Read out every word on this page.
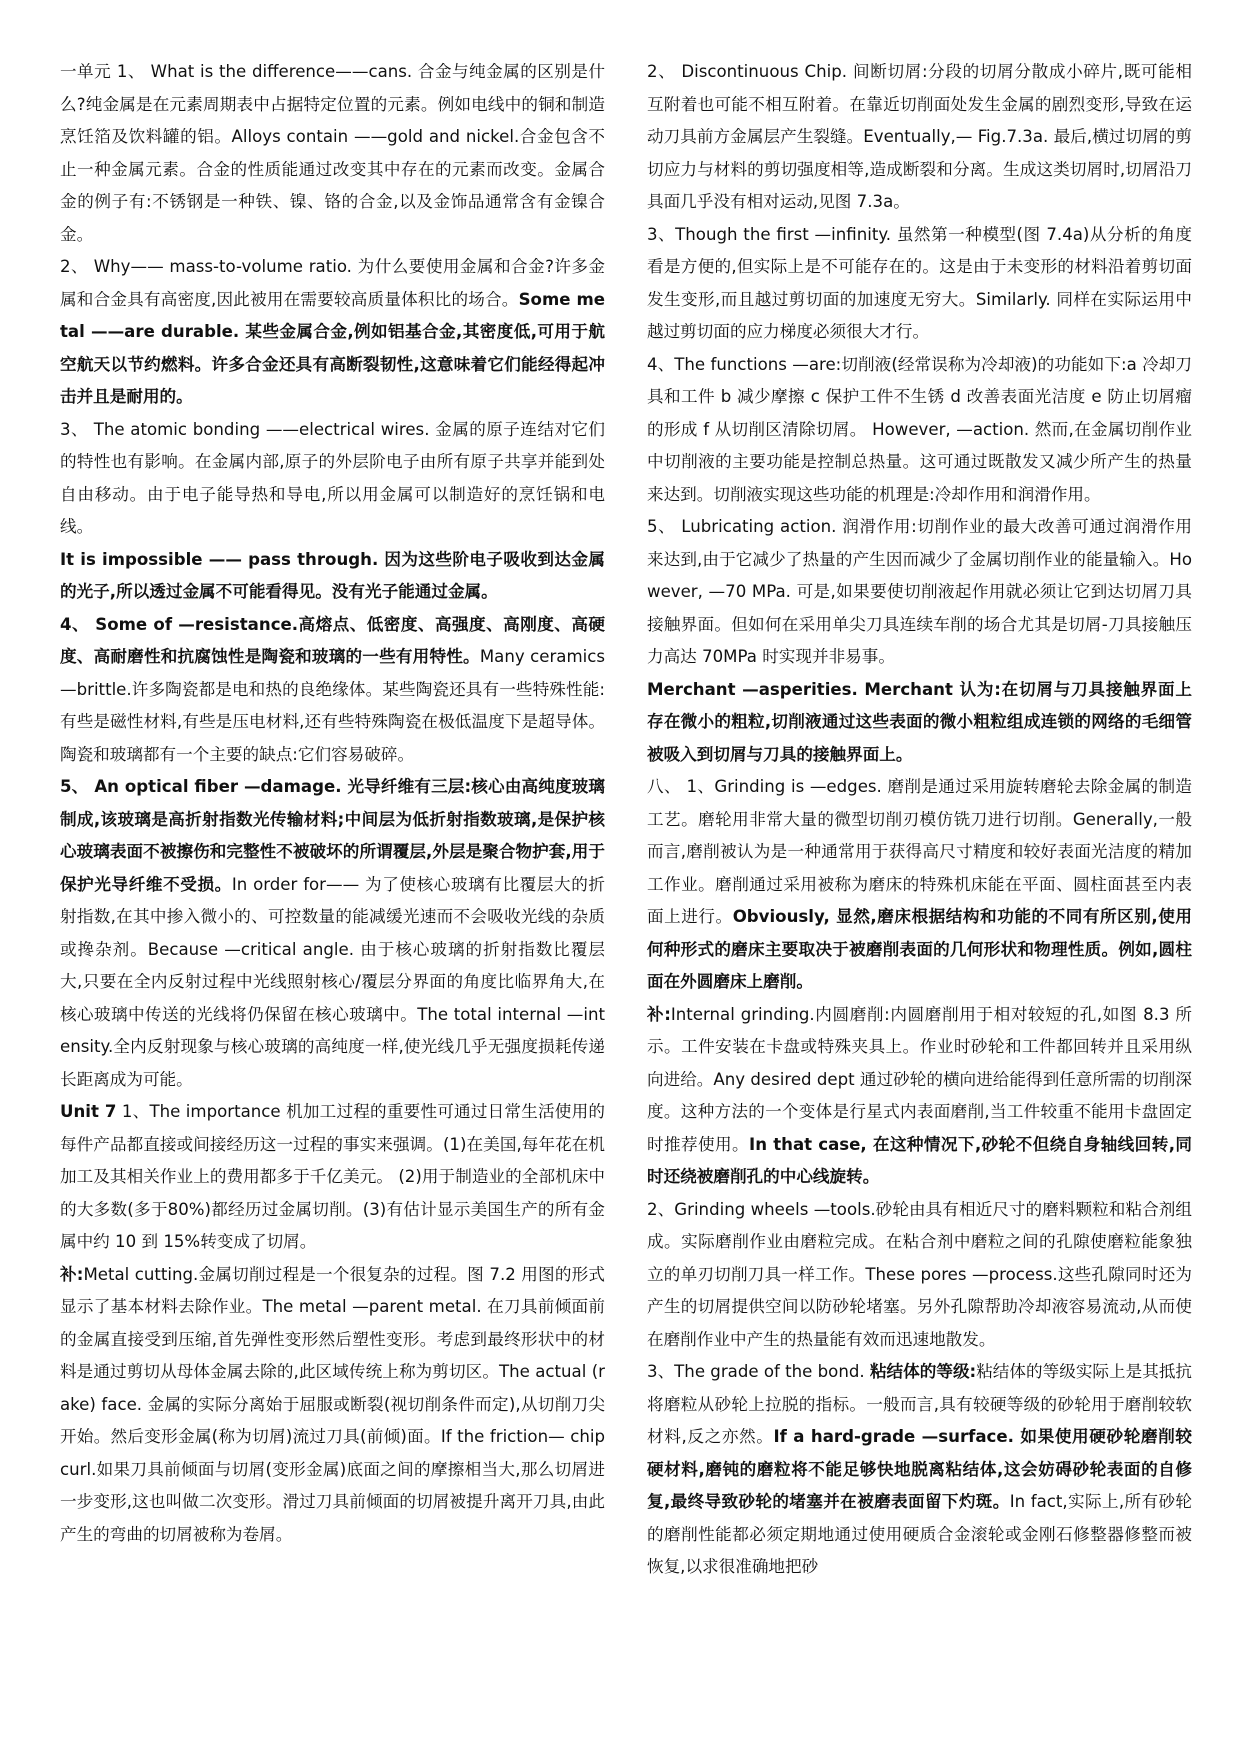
一单元 1、 What is the difference——cans. 合金与纯金属的区别是什么?纯金属是在元素周期表中占据特定位置的元素。例如电线中的铜和制造烹饪箔及饮料罐的铝。Alloys contain ——gold and nickel.合金包含不止一种金属元素。合金的性质能通过改变其中存在的元素而改变。金属合金的例子有:不锈钢是一种铁、镍、铬的合金,以及金饰品通常含有金镍合金。
2、 Why—— mass-to-volume ratio. 为什么要使用金属和合金?许多金属和合金具有高密度,因此被用在需要较高质量体积比的场合。Some metal ——are durable. 某些金属合金,例如铝基合金,其密度低,可用于航空航天以节约燃料。许多合金还具有高断裂韧性,这意味着它们能经得起冲击并且是耐用的。
3、 The atomic bonding ——electrical wires. 金属的原子连结对它们的特性也有影响。在金属内部,原子的外层阶电子由所有原子共享并能到处自由移动。由于电子能导热和导电,所以用金属可以制造好的烹饪锅和电线。
It is impossible —— pass through. 因为这些阶电子吸收到达金属的光子,所以透过金属不可能看得见。没有光子能通过金属。
4、 Some of —resistance.高熔点、低密度、高强度、高刚度、高硬度、高耐磨性和抗腐蚀性是陶瓷和玻璃的一些有用特性。Many ceramics —brittle.许多陶瓷都是电和热的良绝缘体。某些陶瓷还具有一些特殊性能:有些是磁性材料,有些是压电材料,还有些特殊陶瓷在极低温度下是超导体。陶瓷和玻璃都有一个主要的缺点:它们容易破碎。
5、 An optical fiber —damage. 光导纤维有三层:核心由高纯度玻璃制成,该玻璃是高折射指数光传输材料;中间层为低折射指数玻璃,是保护核心玻璃表面不被擦伤和完整性不被破坏的所谓覆层,外层是聚合物护套,用于保护光导纤维不受损。In order for—— 为了使核心玻璃有比覆层大的折射指数,在其中掺入微小的、可控数量的能减缓光速而不会吸收光线的杂质或搀杂剂。Because —critical angle. 由于核心玻璃的折射指数比覆层大,只要在全内反射过程中光线照射核心/覆层分界面的角度比临界角大,在核心玻璃中传送的光线将仍保留在核心玻璃中。The total internal —intensity.全内反射现象与核心玻璃的高纯度一样,使光线几乎无强度损耗传递长距离成为可能。
Unit 7 1、The importance 机加工过程的重要性可通过日常生活使用的每件产品都直接或间接经历这一过程的事实来强调。(1)在美国,每年花在机加工及其相关作业上的费用都多于千亿美元。 (2)用于制造业的全部机床中的大多数(多于80%)都经历过金属切削。(3)有估计显示美国生产的所有金属中约 10 到 15%转变成了切屑。
补:Metal cutting.金属切削过程是一个很复杂的过程。图 7.2 用图的形式显示了基本材料去除作业。The metal —parent metal. 在刀具前倾面前的金属直接受到压缩,首先弹性变形然后塑性变形。考虑到最终形状中的材料是通过剪切从母体金属去除的,此区域传统上称为剪切区。The actual (rake) face. 金属的实际分离始于屈服或断裂(视切削条件而定),从切削刀尖开始。然后变形金属(称为切屑)流过刀具(前倾)面。If the friction— chip curl.如果刀具前倾面与切屑(变形金属)底面之间的摩擦相当大,那么切屑进一步变形,这也叫做二次变形。滑过刀具前倾面的切屑被提升离开刀具,由此产生的弯曲的切屑被称为卷屑。
2、 Discontinuous Chip. 间断切屑:分段的切屑分散成小碎片,既可能相互附着也可能不相互附着。在靠近切削面处发生金属的剧烈变形,导致在运动刀具前方金属层产生裂缝。Eventually,— Fig.7.3a. 最后,横过切屑的剪切应力与材料的剪切强度相等,造成断裂和分离。生成这类切屑时,切屑沿刀具面几乎没有相对运动,见图 7.3a。
3、Though the first —infinity. 虽然第一种模型(图 7.4a)从分析的角度看是方便的,但实际上是不可能存在的。这是由于未变形的材料沿着剪切面发生变形,而且越过剪切面的加速度无穷大。Similarly. 同样在实际运用中越过剪切面的应力梯度必须很大才行。
4、The functions —are:切削液(经常误称为冷却液)的功能如下:a 冷却刀具和工件 b 减少摩擦 c 保护工件不生锈 d 改善表面光洁度 e 防止切屑瘤的形成 f 从切削区清除切屑。 However, —action. 然而,在金属切削作业中切削液的主要功能是控制总热量。这可通过既散发又减少所产生的热量来达到。切削液实现这些功能的机理是:冷却作用和润滑作用。
5、 Lubricating action. 润滑作用:切削作业的最大改善可通过润滑作用来达到,由于它减少了热量的产生因而减少了金属切削作业的能量输入。However, —70 MPa. 可是,如果要使切削液起作用就必须让它到达切屑刀具接触界面。但如何在采用单尖刀具连续车削的场合尤其是切屑-刀具接触压力高达 70MPa 时实现并非易事。
Merchant —asperities. Merchant 认为:在切屑与刀具接触界面上存在微小的粗粒,切削液通过这些表面的微小粗粒组成连锁的网络的毛细管被吸入到切屑与刀具的接触界面上。
八、 1、Grinding is —edges. 磨削是通过采用旋转磨轮去除金属的制造工艺。磨轮用非常大量的微型切削刃模仿铣刀进行切削。Generally,一般而言,磨削被认为是一种通常用于获得高尺寸精度和较好表面光洁度的精加工作业。磨削通过采用被称为磨床的特殊机床能在平面、圆柱面甚至内表面上进行。Obviously, 显然,磨床根据结构和功能的不同有所区别,使用何种形式的磨床主要取决于被磨削表面的几何形状和物理性质。例如,圆柱面在外圆磨床上磨削。
补:Internal grinding.内圆磨削:内圆磨削用于相对较短的孔,如图 8.3 所示。工件安装在卡盘或特殊夹具上。作业时砂轮和工件都回转并且采用纵向进给。Any desired dept 通过砂轮的横向进给能得到任意所需的切削深度。这种方法的一个变体是行星式内表面磨削,当工件较重不能用卡盘固定时推荐使用。In that case, 在这种情况下,砂轮不但绕自身轴线回转,同时还绕被磨削孔的中心线旋转。
2、Grinding wheels —tools.砂轮由具有相近尺寸的磨料颗粒和粘合剂组成。实际磨削作业由磨粒完成。在粘合剂中磨粒之间的孔隙使磨粒能象独立的单刃切削刀具一样工作。These pores —process.这些孔隙同时还为产生的切屑提供空间以防砂轮堵塞。另外孔隙帮助冷却液容易流动,从而使在磨削作业中产生的热量能有效而迅速地散发。
3、The grade of the bond. 粘结体的等级:粘结体的等级实际上是其抵抗将磨粒从砂轮上拉脱的指标。一般而言,具有较硬等级的砂轮用于磨削较软材料,反之亦然。If a hard-grade —surface. 如果使用硬砂轮磨削较硬材料,磨钝的磨粒将不能足够快地脱离粘结体,这会妨碍砂轮表面的自修复,最终导致砂轮的堵塞并在被磨表面留下灼斑。In fact,实际上,所有砂轮的磨削性能都必须定期地通过使用硬质合金滚轮或金刚石修整器修整而被恢复,以求很准确地把砂
